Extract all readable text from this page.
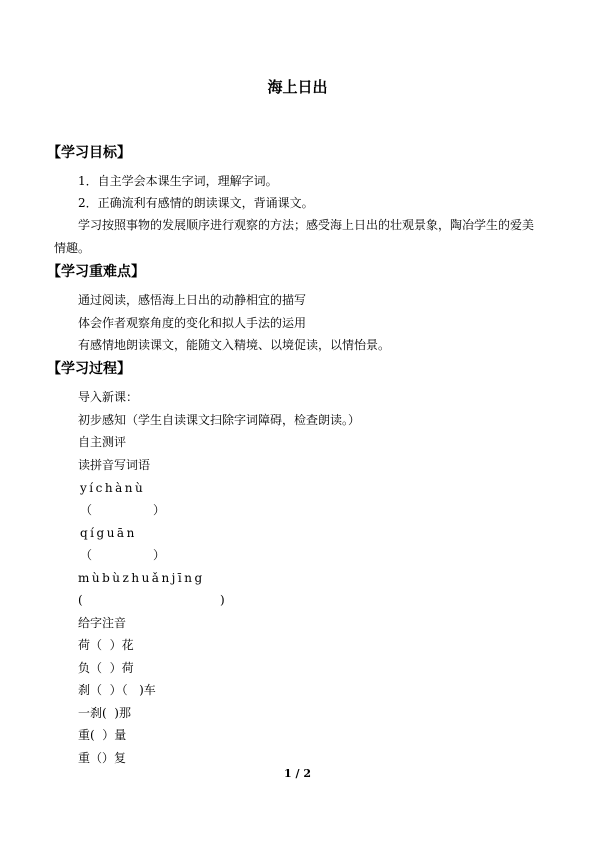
海上日出
【学习目标】
1．自主学会本课生字词，理解字词。
2．正确流利有感情的朗读课文，背诵课文。
学习按照事物的发展顺序进行观察的方法；感受海上日出的壮观景象，陶冶学生的爱美
情趣。
【学习重难点】
通过阅读，感悟海上日出的动静相宜的描写
体会作者观察角度的变化和拟人手法的运用
有感情地朗读课文，能随文入精境、以境促读，以情怡景。
【学习过程】
导入新课：
初步感知（学生自读课文扫除字词障碍，检查朗读。）
自主测评
读拼音写词语
yíchànù
（                ）
qíguān
（                ）
mùbùzhuǎnjīng
(                                    )
给字注音
荷（  ）花
负（  ）荷
刹（  ）（   )车
一刹(  )那
重(  ）量
重（）复
1 / 2
